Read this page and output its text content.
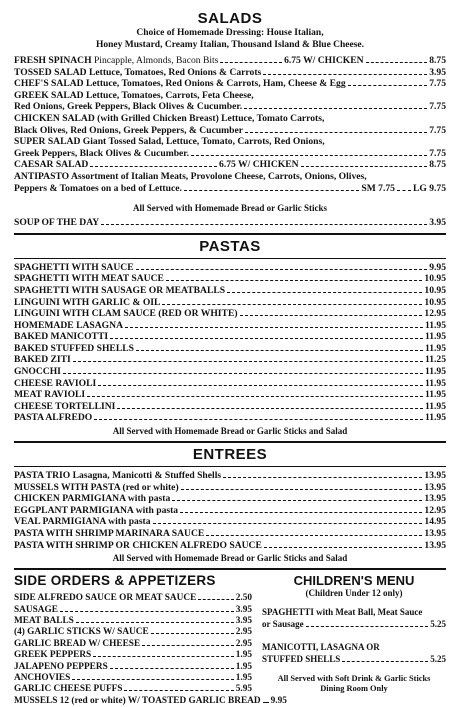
SALADS
Choice of Homemade Dressing: House Italian,
Honey Mustard, Creamy Italian, Thousand Island & Blue Cheese.
FRESH SPINACH Pincapple, Almonds, Bacon Bits	6.75 W/ CHICKEN	8.75
TOSSED SALAD Lettuce, Tomatoes, Red Onions & Carrots	3.95
CHEF'S SALAD Lettuce, Tomatoes, Red Onions & Carrots, Ham, Cheese & Egg	7.75
GREEK SALAD Lettuce, Tomatoes, Carrots, Feta Cheese,
Red Onions, Greek Peppers, Black Olives & Cucumber.	7.75
CHICKEN SALAD (with Grilled Chicken Breast) Lettuce, Tomato Carrots,
Black Olives, Red Onions, Greek Peppers, & Cucumber	7.75
SUPER SALAD Giant Tossed Salad, Lettuce, Tomato, Carrots, Red Onions,
Greek Peppers, Black Olives & Cucumber.	7.75
CAESAR SALAD	6.75 W/ CHICKEN	8.75
ANTIPASTO Assortment of Italian Meats, Provolone Cheese, Carrots, Onions, Olives,
Peppers & Tomatoes on a bed of Lettuce.	SM 7.75 LG 9.75
All Served with Homemade Bread or Garlic Sticks
SOUP OF THE DAY	3.95
PASTAS
SPAGHETTI WITH SAUCE	9.95
SPAGHETTI WITH MEAT SAUCE	10.95
SPAGHETTI WITH SAUSAGE OR MEATBALLS	10.95
LINGUINI WITH GARLIC & OIL	10.95
LINGUINI WITH CLAM SAUCE (RED OR WHITE)	12.95
HOMEMADE LASAGNA	11.95
BAKED MANICOTTI	11.95
BAKED STUFFED SHELLS	11.95
BAKED ZITI	11.25
GNOCCHI	11.95
CHEESE RAVIOLI	11.95
MEAT RAVIOLI	11.95
CHEESE TORTELLINI	11.95
PASTA ALFREDO	11.95
All Served with Homemade Bread or Garlic Sticks and Salad
ENTREES
PASTA TRIO Lasagna, Manicotti & Stuffed Shells	13.95
MUSSELS WITH PASTA (red or white)	13.95
CHICKEN PARMIGIANA with pasta	13.95
EGGPLANT PARMIGIANA with pasta	12.95
VEAL PARMIGIANA with pasta	14.95
PASTA WITH SHRIMP MARINARA SAUCE	13.95
PASTA WITH SHRIMP OR CHICKEN ALFREDO SAUCE	13.95
All Served with Homemade Bread or Garlic Sticks and Salad
SIDE ORDERS & APPETIZERS
SIDE ALFREDO SAUCE OR MEAT SAUCE	2.50
SAUSAGE	3.95
MEAT BALLS	3.95
(4) GARLIC STICKS W/ SAUCE	2.95
GARLIC BREAD W/ CHEESE	2.95
GREEK PEPPERS	1.95
JALAPENO PEPPERS	1.95
ANCHOVIES	1.95
GARLIC CHEESE PUFFS	5.95
MUSSELS 12 (red or white) W/ TOASTED GARLIC BREAD 9.95
CHILDREN'S MENU
(Children Under 12 only)
SPAGHETTI with Meat Ball, Meat Sauce
or Sausage	5.25
MANICOTTI, LASAGNA OR
STUFFED SHELLS	5.25
All Served with Soft Drink & Garlic Sticks
Dining Room Only
